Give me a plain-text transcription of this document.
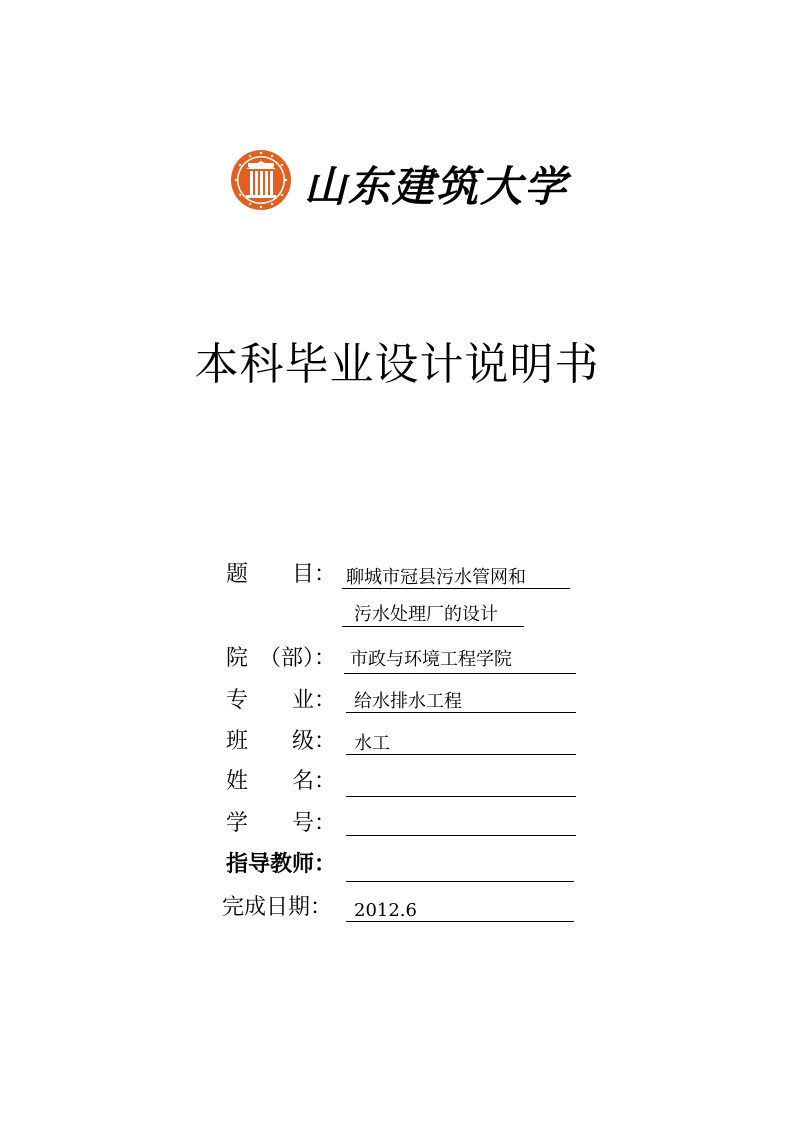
山东建筑大学
本科毕业设计说明书
题　　目： 聊城市冠县污水管网和
污水处理厂的设计
院　（部）： 市政与环境工程学院
专　　业： 给水排水工程
班　　级： 水工
姓　　名：
学　　号：
指导教师：
完成日期： 2012.6
